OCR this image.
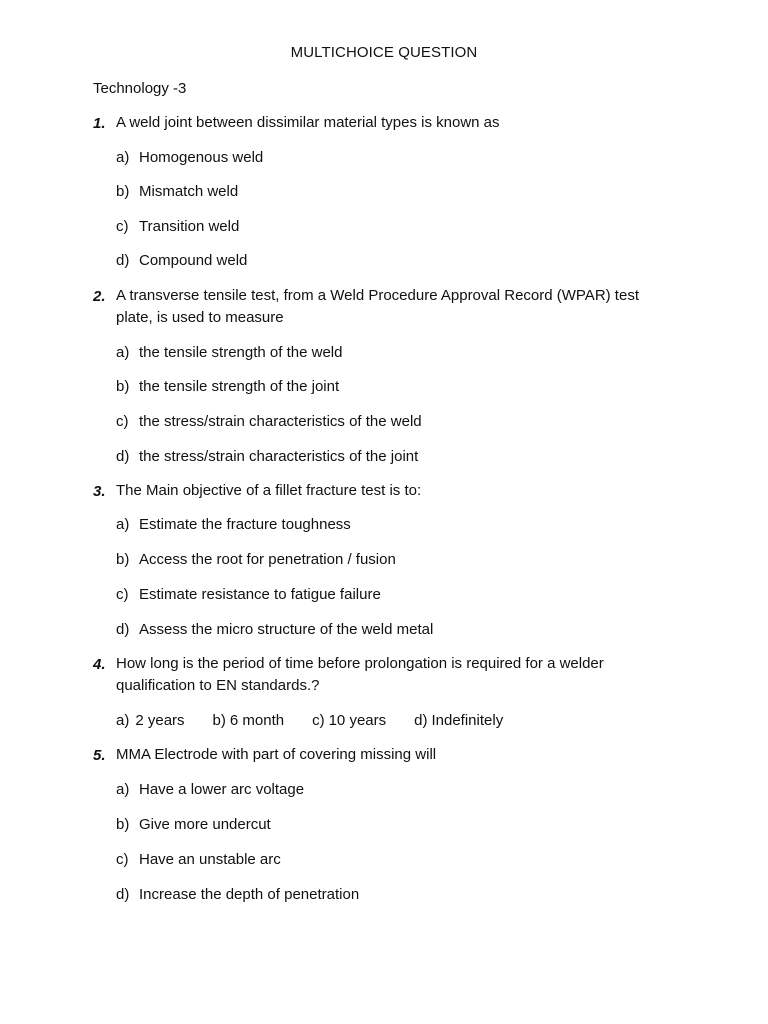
MULTICHOICE QUESTION
Technology -3
1. A weld joint between dissimilar material types is known as
a) Homogenous weld
b) Mismatch weld
c) Transition weld
d) Compound weld
2. A transverse tensile test, from a Weld Procedure Approval Record (WPAR) test plate, is used to measure
a) the tensile strength of the weld
b) the tensile strength of the joint
c) the stress/strain characteristics of the weld
d) the stress/strain characteristics of the joint
3. The Main objective of a fillet fracture test is to:
a) Estimate the fracture toughness
b) Access the root for penetration / fusion
c) Estimate resistance to fatigue failure
d) Assess the micro structure of the weld metal
4. How long is the period of time before prolongation is required for a welder qualification to EN standards.?
a) 2 years b) 6 month c) 10 years d) Indefinitely
5. MMA Electrode with part of covering missing will
a) Have a lower arc voltage
b) Give more undercut
c) Have an unstable arc
d) Increase the depth of penetration
